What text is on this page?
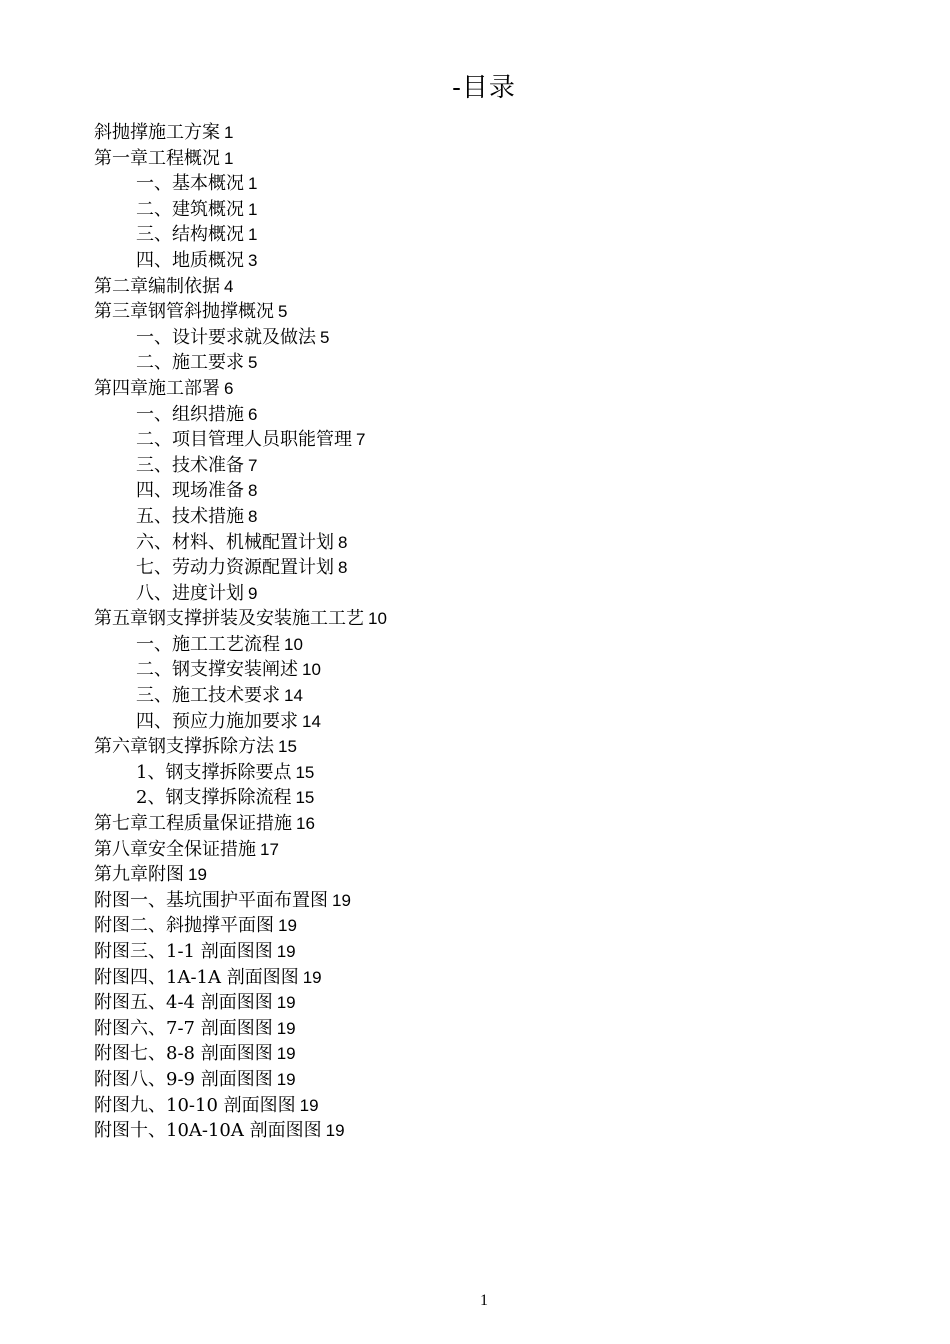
-目录
斜抛撑施工方案 1
第一章工程概况 1
一、基本概况 1
二、建筑概况 1
三、结构概况 1
四、地质概况 3
第二章编制依据 4
第三章钢管斜抛撑概况 5
一、设计要求就及做法 5
二、施工要求 5
第四章施工部署 6
一、组织措施 6
二、项目管理人员职能管理 7
三、技术准备 7
四、现场准备 8
五、技术措施 8
六、材料、机械配置计划 8
七、劳动力资源配置计划 8
八、进度计划 9
第五章钢支撑拼装及安装施工工艺 10
一、施工工艺流程 10
二、钢支撑安装阐述 10
三、施工技术要求 14
四、预应力施加要求 14
第六章钢支撑拆除方法 15
1、钢支撑拆除要点 15
2、钢支撑拆除流程 15
第七章工程质量保证措施 16
第八章安全保证措施 17
第九章附图 19
附图一、基坑围护平面布置图 19
附图二、斜抛撑平面图 19
附图三、1-1 剖面图图 19
附图四、1A-1A 剖面图图 19
附图五、4-4 剖面图图 19
附图六、7-7 剖面图图 19
附图七、8-8 剖面图图 19
附图八、9-9 剖面图图 19
附图九、10-10 剖面图图 19
附图十、10A-10A 剖面图图 19
1
